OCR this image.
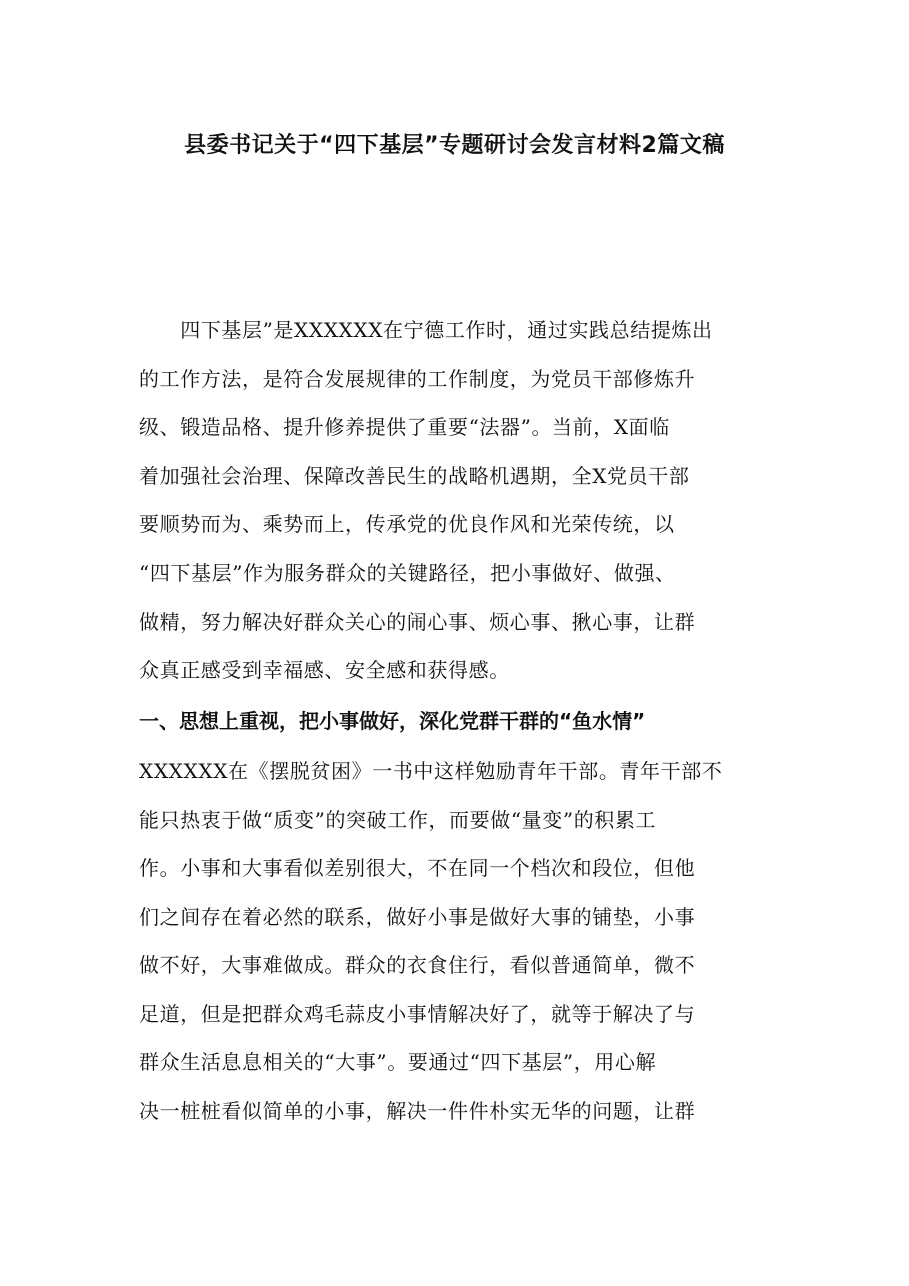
县委书记关于“四下基层”专题研讨会发言材料2篇文稿
　　四下基层”是XXXXXX在宁德工作时，通过实践总结提炼出
的工作方法，是符合发展规律的工作制度，为党员干部修炼升
级、锻造品格、提升修养提供了重要“法器”。当前，X面临
着加强社会治理、保障改善民生的战略机遇期，全X党员干部
要顺势而为、乘势而上，传承党的优良作风和光荣传统，以
“四下基层”作为服务群众的关键路径，把小事做好、做强、
做精，努力解决好群众关心的闹心事、烦心事、揪心事，让群
众真正感受到幸福感、安全感和获得感。
一、思想上重视，把小事做好，深化党群干群的“鱼水情”
XXXXXX在《摆脱贫困》一书中这样勉励青年干部。青年干部不
能只热衷于做“质变”的突破工作，而要做“量变”的积累工
作。小事和大事看似差别很大，不在同一个档次和段位，但他
们之间存在着必然的联系，做好小事是做好大事的铺垫，小事
做不好，大事难做成。群众的衣食住行，看似普通简单，微不
足道，但是把群众鸡毛蒜皮小事情解决好了，就等于解决了与
群众生活息息相关的“大事”。要通过“四下基层”，用心解
决一桩桩看似简单的小事，解决一件件朴实无华的问题，让群
